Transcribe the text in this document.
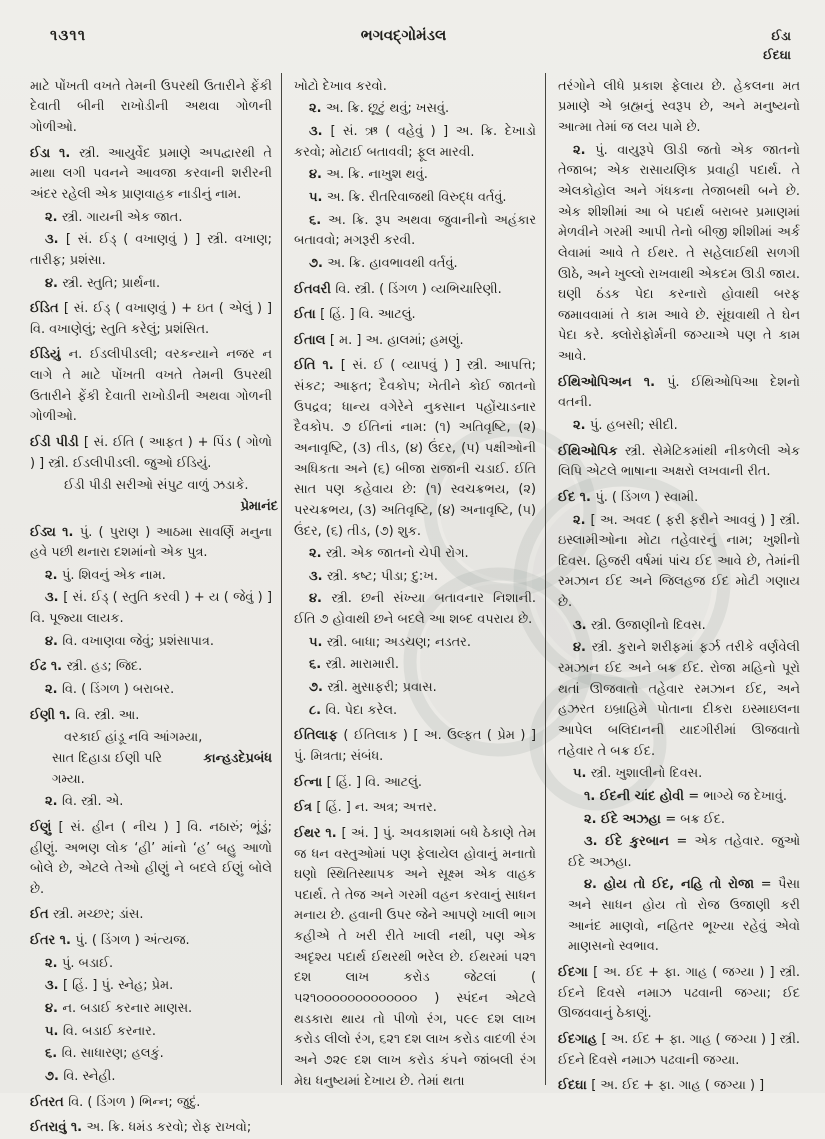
૧૩૧૧	ભગવદ્ગોમંડલ	ઈડા
ઈદઘા
માટે પોંખતી વખતે તેમની ઉપરથી ઉતારીને ફેંકી દેવાતી બીની રાખોડીની અથવા ગોળની ગોળીઓ.
ઈડા ૧. સ્ત્રી. આયુર્વેદ પ્રમાણે અપદ્વારથી તે માથા લગી પવનને આવજા કરવાની શરીરની અંદર રહેલી એક પ્રાણવાહક નાડીનું નામ.
૨. સ્ત્રી. ગાયની એક જાત.
૩. [ સં. ઈડ્ ( વખાણવું ) ] સ્ત્રી. વખાણ; તારીફ; પ્રશંસા.
૪. સ્ત્રી. સ્તુતિ; પ્રાર્થના.
ઈડિત [ સં. ઈડ્ ( વખાણવું ) + ઇત ( એલું ) ] વિ. વખાણેલું; સ્તુતિ કરેલું; પ્રશંસિત.
ઈડિયું ન. ઈડલીપીડલી; વરકન્યાને નજર ન લાગે તે માટે પોંખતી વખતે તેમની ઉપરથી ઉતારીને ફેંકી દેવાતી રાખોડીની અથવા ગોળની ગોળીઓ.
ઈડી પીડી [ સં. ઈતિ ( આફત ) + પિંડ ( ગોળો ) ] સ્ત્રી. ઈડલીપીડલી. જુઓ ઈડિયું.
ઈડી પીડી સરીઓ સંપુટ વાળું ઝડાકે.
પ્રેમાનંદ
ઈડ્ય ૧. પું. ( પુરાણ ) આઠમા સાવર્ણિ મનુના હવે પછી થનારા દશમાંનો એક પુત્ર.
૨. પું. શિવનું એક નામ.
૩. [ સં. ઈડ્ ( સ્તુતિ કરવી ) + ય ( જેવું ) ] વિ. પૂજ્યા લાયક.
૪. વિ. વખાણવા જેવું; પ્રશંસાપાત્ર.
ઈઢ ૧. સ્ત્રી. હડ; જિદ.
૨. વિ. ( ડિંગળ ) બરાબર.
ઈણી ૧. વિ. સ્ત્રી. આ.
વરકાઈ હાંડૂ નવિ આંગમ્યા,
સાત દિહાડા ઈણી પરિ ગમ્યા.
કાન્હડદેપ્રબંધ
૨. વિ. સ્ત્રી. એ.
ઈણું [ સં. હીન ( નીચ ) ] વિ. નઠારું; ભૂંડું; હીણું. અભણ લોક ‘હી’ માંનો ‘હ’ બહુ આળો બોલે છે, એટલે તેઓ હીણું ને બદલે ઈણું બોલે છે.
ઈત સ્ત્રી. મચ્છર; ડાંસ.
ઈતર ૧. પું. ( ડિંગળ ) અંત્યજ.
૨. પું. બડાઈ.
૩. [ હિં. ] પું. સ્નેહ; પ્રેમ.
૪. ન. બડાઈ કરનાર માણસ.
૫. વિ. બડાઈ કરનાર.
૬. વિ. સાધારણ; હલકું.
૭. વિ. સ્નેહી.
ઈતરત વિ. ( ડિંગળ ) ભિન્ન; જુદું.
ઈતરાવું ૧. અ. ક્રિ. ધમંડ કરવો; રોફ રાખવો;
ખોટો દેખાવ કરવો.
૨. અ. ક્રિ. છૂટું થવું; ખસવું.
૩. [ સં. ઋ ( વહેવું ) ] અ. ક્રિ. દેખાડો કરવો; મોટાઈ બતાવવી; ફૂલ મારવી.
૪. અ. ક્રિ. નાખુશ થવું.
૫. અ. ક્રિ. રીતરિવાજથી વિરુદ્ધ વર્તવું.
૬. અ. ક્રિ. રૂપ અથવા જુવાનીનો અહંકાર બતાવવો; મગરૂરી કરવી.
૭. અ. ક્રિ. હાવભાવથી વર્તવું.
ઈતવરી વિ. સ્ત્રી. ( ડિંગળ ) વ્યભિચારિણી.
ઈતા [ હિં. ] વિ. આટલું.
ઈતાલ [ મ. ] અ. હાલમાં; હમણું.
ઈતિ ૧. [ સં. ઈ ( વ્યાપવું ) ] સ્ત્રી. આપત્તિ; સંકટ; આફત; દૈવકોપ; ખેતીને કોઈ જાતનો ઉપદ્રવ; ધાન્ય વગેરેને નુકસાન પહોંચાડનાર દૈવકોપ. ૭ ઈતિનાં નામ: (૧) અતિવૃષ્ટિ, (૨) અનાવૃષ્ટિ, (૩) તીડ, (૪) ઉંદર, (૫) પક્ષીઓની અધિકતા અને (૬) બીજા રાજાની ચડાઈ. ઈતિ સાત પણ કહેવાય છે: (૧) સ્વચક્રભય, (૨) પરચક્રભય, (૩) અતિવૃષ્ટિ, (૪) અનાવૃષ્ટિ, (૫) ઉંદર, (૬) તીડ, (૭) શુક.
૨. સ્ત્રી. એક જાતનો ચેપી રોગ.
૩. સ્ત્રી. કષ્ટ; પીડા; દુ:ખ.
૪. સ્ત્રી. છની સંખ્યા બતાવનાર નિશાની. ઈતિ ૭ હોવાથી છને બદલે આ શબ્દ વપરાય છે.
૫. સ્ત્રી. બાધા; અડચણ; નડતર.
૬. સ્ત્રી. મારામારી.
૭. સ્ત્રી. મુસાફરી; પ્રવાસ.
૮. વિ. પેદા કરેલ.
ઈતિલાફ ( ઈતિલાક ) [ અ. ઉલ્ફત ( પ્રેમ ) ] પું. મિત્રતા; સંબંધ.
ઈત્ના [ હિં. ] વિ. આટલું.
ઈત્ર [ હિં. ] ન. અત્ર; અત્તર.
ઈથર ૧. [ અં. ] પું. અવકાશમાં બધે ઠેકાણે તેમ જ ધન વસ્તુઓમાં પણ ફેલાયેલ હોવાનું મનાતો ઘણો સ્થિતિસ્થાપક અને સૂક્ષ્મ એક વાહક પદાર્થ. તે તેજ અને ગરમી વહન કરવાનું સાધન મનાય છે. હવાની ઉપર જેને આપણે ખાલી ભાગ કહીએ તે ખરી રીતે ખાલી નથી, પણ એક અદૃશ્ય પદાર્થ ઈથરથી ભરેલ છે. ઈથરમાં ૫૨૧ દશ લાખ કરોડ જેટલાં ( ૫૨૧૦૦૦૦૦૦૦૦૦૦૦૦૦ ) સ્પંદન એટલે થડકારા થાય તો પીળો રંગ, ૫૯૯ દશ લાખ કરોડ લીલો રંગ, ૬૨૧ દશ લાખ કરોડ વાદળી રંગ અને ૭૨૯ દશ લાખ કરોડ કંપને જાંબલી રંગ મેઘ ધનુષ્યમાં દેખાય છે. તેમાં થતા
તરંગોને લીધે પ્રકાશ ફેલાય છે. હેકલના મત પ્રમાણે એ બ્રહ્મનું સ્વરૂપ છે, અને મનુષ્યનો આત્મા તેમાં જ લય પામે છે.
૨. પું. વાયુરૂપે ઊડી જતો એક જાતનો તેજાબ; એક રાસાયણિક પ્રવાહી પદાર્થ. તે એલકોહોલ અને ગંધકના તેજાબથી બને છે. એક શીશીમાં આ બે પદાર્થ બરાબર પ્રમાણમાં મેળવીને ગરમી આપી તેનો બીજી શીશીમાં અર્ક લેવામાં આવે તે ઈથર. તે સહેલાઈથી સળગી ઊઠે, અને ખુલ્લો રાખવાથી એકદમ ઊડી જાય. ઘણી ઠંડક પેદા કરનારો હોવાથી બરફ જમાવવામાં તે કામ આવે છે. સૂંઘવાથી તે ઘેન પેદા કરે. ક્લોરોફોર્મની જગ્યાએ પણ તે કામ આવે.
ઈથિઓપિઅન ૧. પું. ઈથિઓપિઆ દેશનો વતની.
૨. પું. હબસી; સીદી.
ઈથિઓપિક સ્ત્રી. સેમેટિકમાંથી નીકળેલી એક લિપિ એટલે ભાષાના અક્ષરો લખવાની રીત.
ઈદ ૧. પું. ( ડિંગળ ) સ્વામી.
૨. [ અ. અવદ ( ફરી ફરીને આવવું ) ] સ્ત્રી. ઇસ્લામીઓના મોટા તહેવારનું નામ; ખુશીનો દિવસ. હિજરી વર્ષમાં પાંચ ઈદ આવે છે, તેમાંની રમઝાન ઈદ અને જિલહજ ઈદ મોટી ગણાય છે.
૩. સ્ત્રી. ઉજાણીનો દિવસ.
૪. સ્ત્રી. કુરાને શરીફમાં ફર્ઝ તરીકે વર્ણવેલી રમઝાન ઈદ અને બક્ર ઈદ. રોજા મહિનો પૂરો થતાં ઊજવાતો તહેવાર રમઝાન ઈદ, અને હઝરત ઇબ્રાહિમે પોતાના દીકરા ઇસ્માઇલના આપેલ બલિદાનની યાદગીરીમાં ઊજવાતો તહેવાર તે બક્ર ઈદ.
૫. સ્ત્રી. ખુશાલીનો દિવસ.
૧. ઈદની ચાંદ હોવી = ભાગ્યે જ દેખાવું.
૨. ઈદે અઝહા = બક્ર ઈદ.
૩. ઈદે કુરબાન = એક તહેવાર. જુઓ ઈદે અઝહા.
૪. હોય તો ઈદ, નહિ તો રોજા = પૈસા અને સાધન હોય તો રોજ ઉજાણી કરી આનંદ માણવો, નહિતર ભૂખ્યા રહેવું એવો માણસનો સ્વભાવ.
ઈદગા [ અ. ઈદ + ફા. ગાહ ( જગ્યા ) ] સ્ત્રી. ઈદને દિવસે નમાઝ પઢવાની જગ્યા; ઈદ ઊજવવાનું ઠેકાણું.
ઈદગાહ [ અ. ઈદ + ફા. ગાહ ( જગ્યા ) ] સ્ત્રી. ઈદને દિવસે નમાઝ પઢવાની જગ્યા.
ઈદઘા [ અ. ઈદ + ફા. ગાહ ( જગ્યા ) ]
